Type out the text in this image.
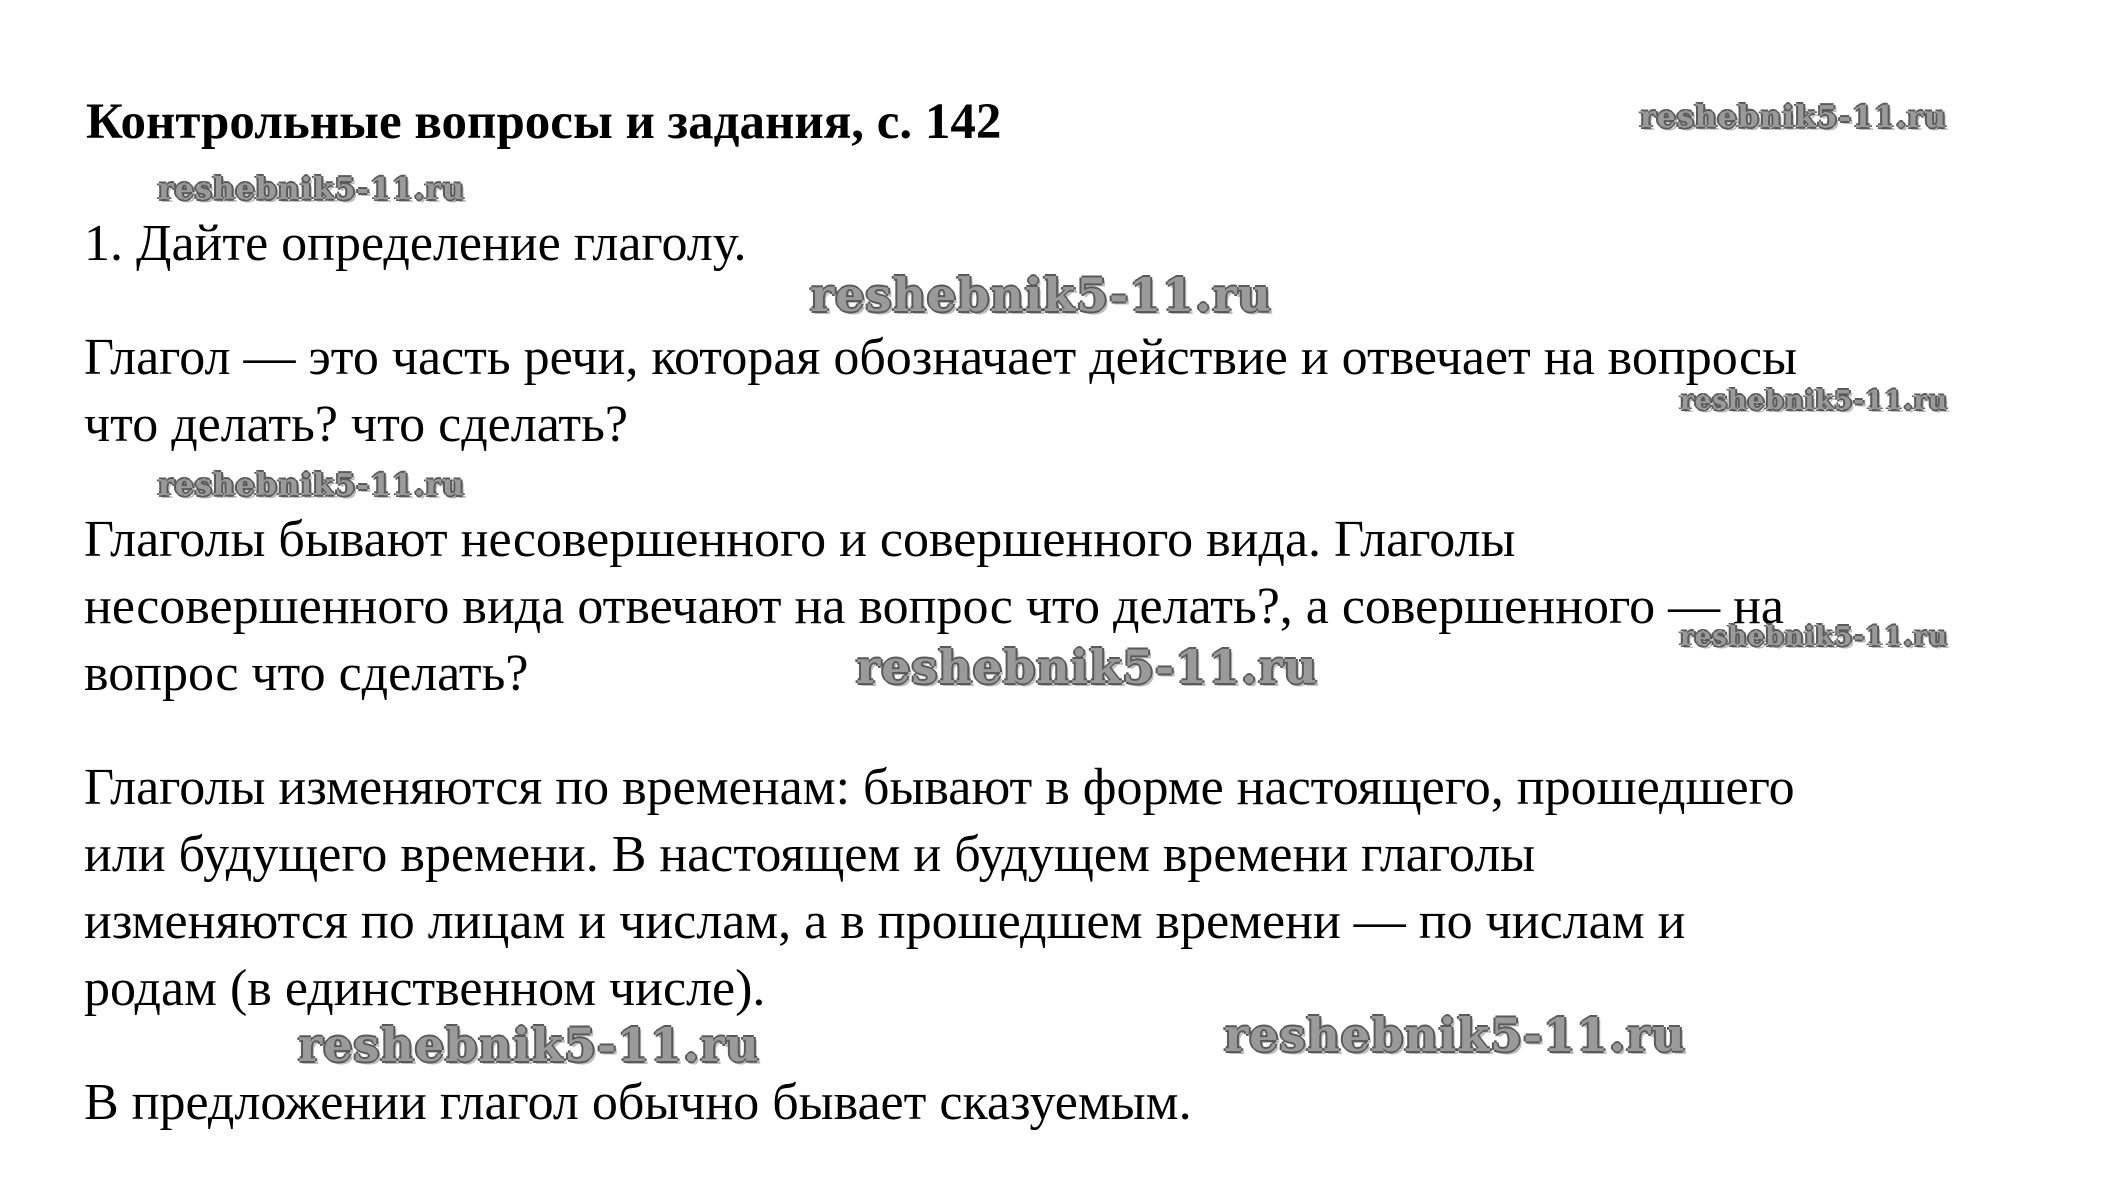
Контрольные вопросы и задания, с. 142
1. Дайте определение глаголу.
Глагол — это часть речи, которая обозначает действие и отвечает на вопросы
что делать? что сделать?
Глаголы бывают несовершенного и совершенного вида. Глаголы
несовершенного вида отвечают на вопрос что делать?, а совершенного — на
вопрос что сделать?
Глаголы изменяются по временам: бывают в форме настоящего, прошедшего
или будущего времени. В настоящем и будущем времени глаголы
изменяются по лицам и числам, а в прошедшем времени — по числам и
родам (в единственном числе).
В предложении глагол обычно бывает сказуемым.
reshebnik5-11.ru
reshebnik5-11.ru
reshebnik5-11.ru
reshebnik5-11.ru
reshebnik5-11.ru
reshebnik5-11.ru
reshebnik5-11.ru
reshebnik5-11.ru	reshebnik5-11.ru
